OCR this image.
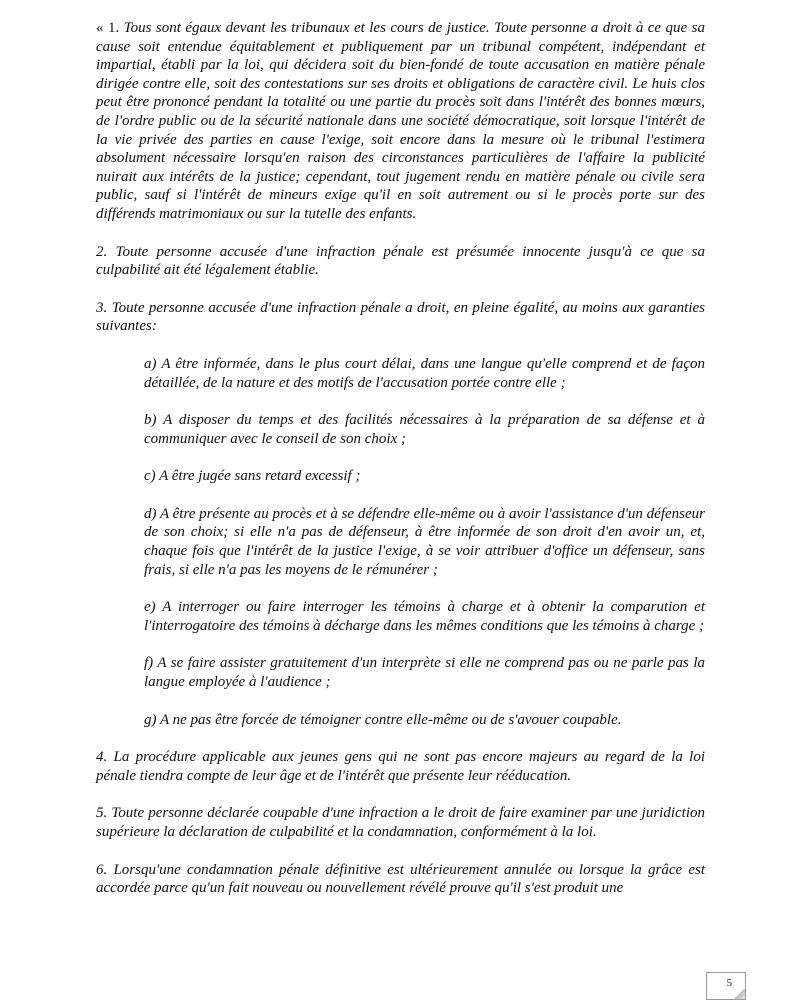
« 1. Tous sont égaux devant les tribunaux et les cours de justice. Toute personne a droit à ce que sa cause soit entendue équitablement et publiquement par un tribunal compétent, indépendant et impartial, établi par la loi, qui décidera soit du bien-fondé de toute accusation en matière pénale dirigée contre elle, soit des contestations sur ses droits et obligations de caractère civil. Le huis clos peut être prononcé pendant la totalité ou une partie du procès soit dans l'intérêt des bonnes mœurs, de l'ordre public ou de la sécurité nationale dans une société démocratique, soit lorsque l'intérêt de la vie privée des parties en cause l'exige, soit encore dans la mesure où le tribunal l'estimera absolument nécessaire lorsqu'en raison des circonstances particulières de l'affaire la publicité nuirait aux intérêts de la justice; cependant, tout jugement rendu en matière pénale ou civile sera public, sauf si l'intérêt de mineurs exige qu'il en soit autrement ou si le procès porte sur des différends matrimoniaux ou sur la tutelle des enfants.

2. Toute personne accusée d'une infraction pénale est présumée innocente jusqu'à ce que sa culpabilité ait été légalement établie.

3. Toute personne accusée d'une infraction pénale a droit, en pleine égalité, au moins aux garanties suivantes:

a) A être informée, dans le plus court délai, dans une langue qu'elle comprend et de façon détaillée, de la nature et des motifs de l'accusation portée contre elle ;

b) A disposer du temps et des facilités nécessaires à la préparation de sa défense et à communiquer avec le conseil de son choix ;

c) A être jugée sans retard excessif ;

d) A être présente au procès et à se défendre elle-même ou à avoir l'assistance d'un défenseur de son choix; si elle n'a pas de défenseur, à être informée de son droit d'en avoir un, et, chaque fois que l'intérêt de la justice l'exige, à se voir attribuer d'office un défenseur, sans frais, si elle n'a pas les moyens de le rémunérer ;

e) A interroger ou faire interroger les témoins à charge et à obtenir la comparution et l'interrogatoire des témoins à décharge dans les mêmes conditions que les témoins à charge ;

f) A se faire assister gratuitement d'un interprète si elle ne comprend pas ou ne parle pas la langue employée à l'audience ;

g) A ne pas être forcée de témoigner contre elle-même ou de s'avouer coupable.

4. La procédure applicable aux jeunes gens qui ne sont pas encore majeurs au regard de la loi pénale tiendra compte de leur âge et de l'intérêt que présente leur rééducation.

5. Toute personne déclarée coupable d'une infraction a le droit de faire examiner par une juridiction supérieure la déclaration de culpabilité et la condamnation, conformément à la loi.

6. Lorsqu'une condamnation pénale définitive est ultérieurement annulée ou lorsque la grâce est accordée parce qu'un fait nouveau ou nouvellement révélé prouve qu'il s'est produit une

5
